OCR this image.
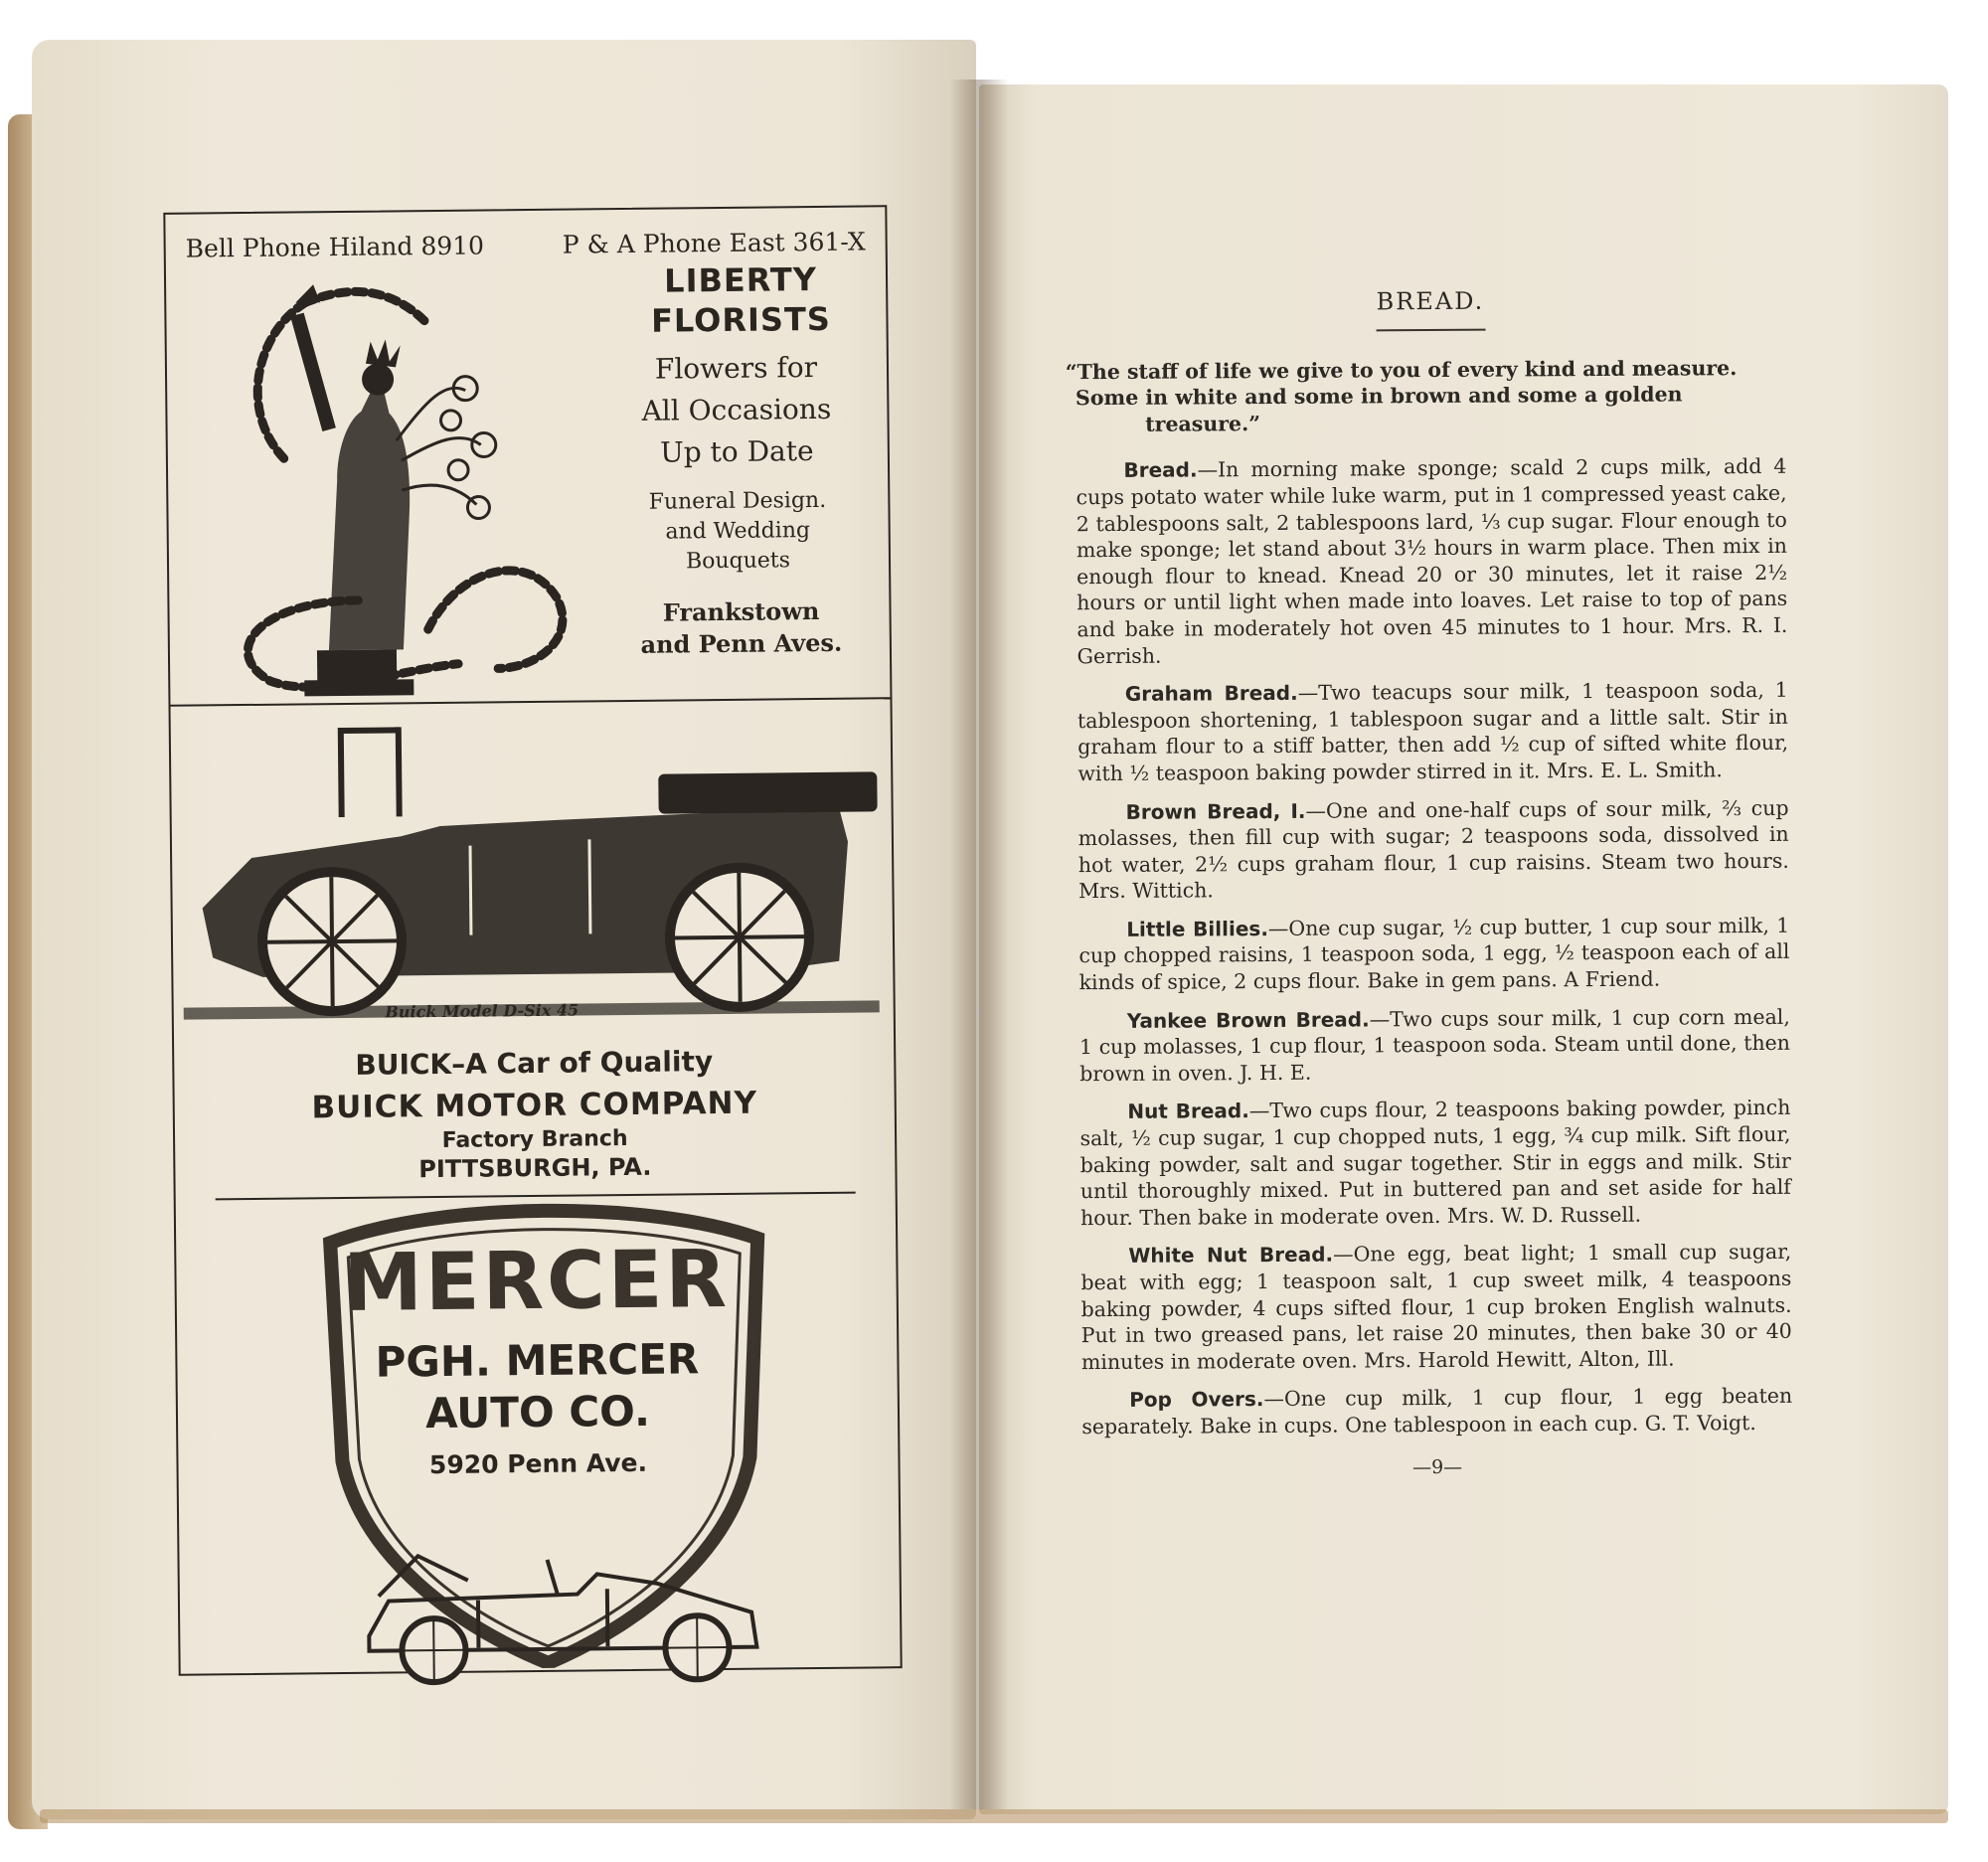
Bell Phone Hiland 8910	P & A Phone East 361-X
LIBERTY
FLORISTS
Flowers for
All Occasions
Up to Date
Funeral Design.
and Wedding
Bouquets
Frankstown
and Penn Aves.
Buick Model D-Six 45
BUICK–A Car of Quality
BUICK MOTOR COMPANY
Factory Branch
PITTSBURGH, PA.
MERCER
PGH. MERCER
AUTO CO.
5920 Penn Ave.
BREAD.

“The staff of life we give to you of every kind and measure.

Some in white and some in brown and some a golden treasure.”

Bread.—In morning make sponge; scald 2 cups milk, add 4 cups potato water while luke warm, put in 1 compressed yeast cake, 2 tablespoons salt, 2 tablespoons lard, ⅓ cup sugar. Flour enough to make sponge; let stand about 3½ hours in warm place. Then mix in enough flour to knead. Knead 20 or 30 minutes, let it raise 2½ hours or until light when made into loaves. Let raise to top of pans and bake in moderately hot oven 45 minutes to 1 hour. Mrs. R. I. Gerrish.

Graham Bread.—Two teacups sour milk, 1 teaspoon soda, 1 tablespoon shortening, 1 tablespoon sugar and a little salt. Stir in graham flour to a stiff batter, then add ½ cup of sifted white flour, with ½ teaspoon baking powder stirred in it. Mrs. E. L. Smith.

Brown Bread, I.—One and one-half cups of sour milk, ⅔ cup molasses, then fill cup with sugar; 2 teaspoons soda, dissolved in hot water, 2½ cups graham flour, 1 cup raisins. Steam two hours. Mrs. Wittich.

Little Billies.—One cup sugar, ½ cup butter, 1 cup sour milk, 1 cup chopped raisins, 1 teaspoon soda, 1 egg, ½ teaspoon each of all kinds of spice, 2 cups flour. Bake in gem pans. A Friend.

Yankee Brown Bread.—Two cups sour milk, 1 cup corn meal, 1 cup molasses, 1 cup flour, 1 teaspoon soda. Steam until done, then brown in oven. J. H. E.

Nut Bread.—Two cups flour, 2 teaspoons baking powder, pinch salt, ½ cup sugar, 1 cup chopped nuts, 1 egg, ¾ cup milk. Sift flour, baking powder, salt and sugar together. Stir in eggs and milk. Stir until thoroughly mixed. Put in buttered pan and set aside for half hour. Then bake in moderate oven. Mrs. W. D. Russell.

White Nut Bread.—One egg, beat light; 1 small cup sugar, beat with egg; 1 teaspoon salt, 1 cup sweet milk, 4 teaspoons baking powder, 4 cups sifted flour, 1 cup broken English walnuts. Put in two greased pans, let raise 20 minutes, then bake 30 or 40 minutes in moderate oven. Mrs. Harold Hewitt, Alton, Ill.

Pop Overs.—One cup milk, 1 cup flour, 1 egg beaten separately. Bake in cups. One tablespoon in each cup. G. T. Voigt.

—9—
